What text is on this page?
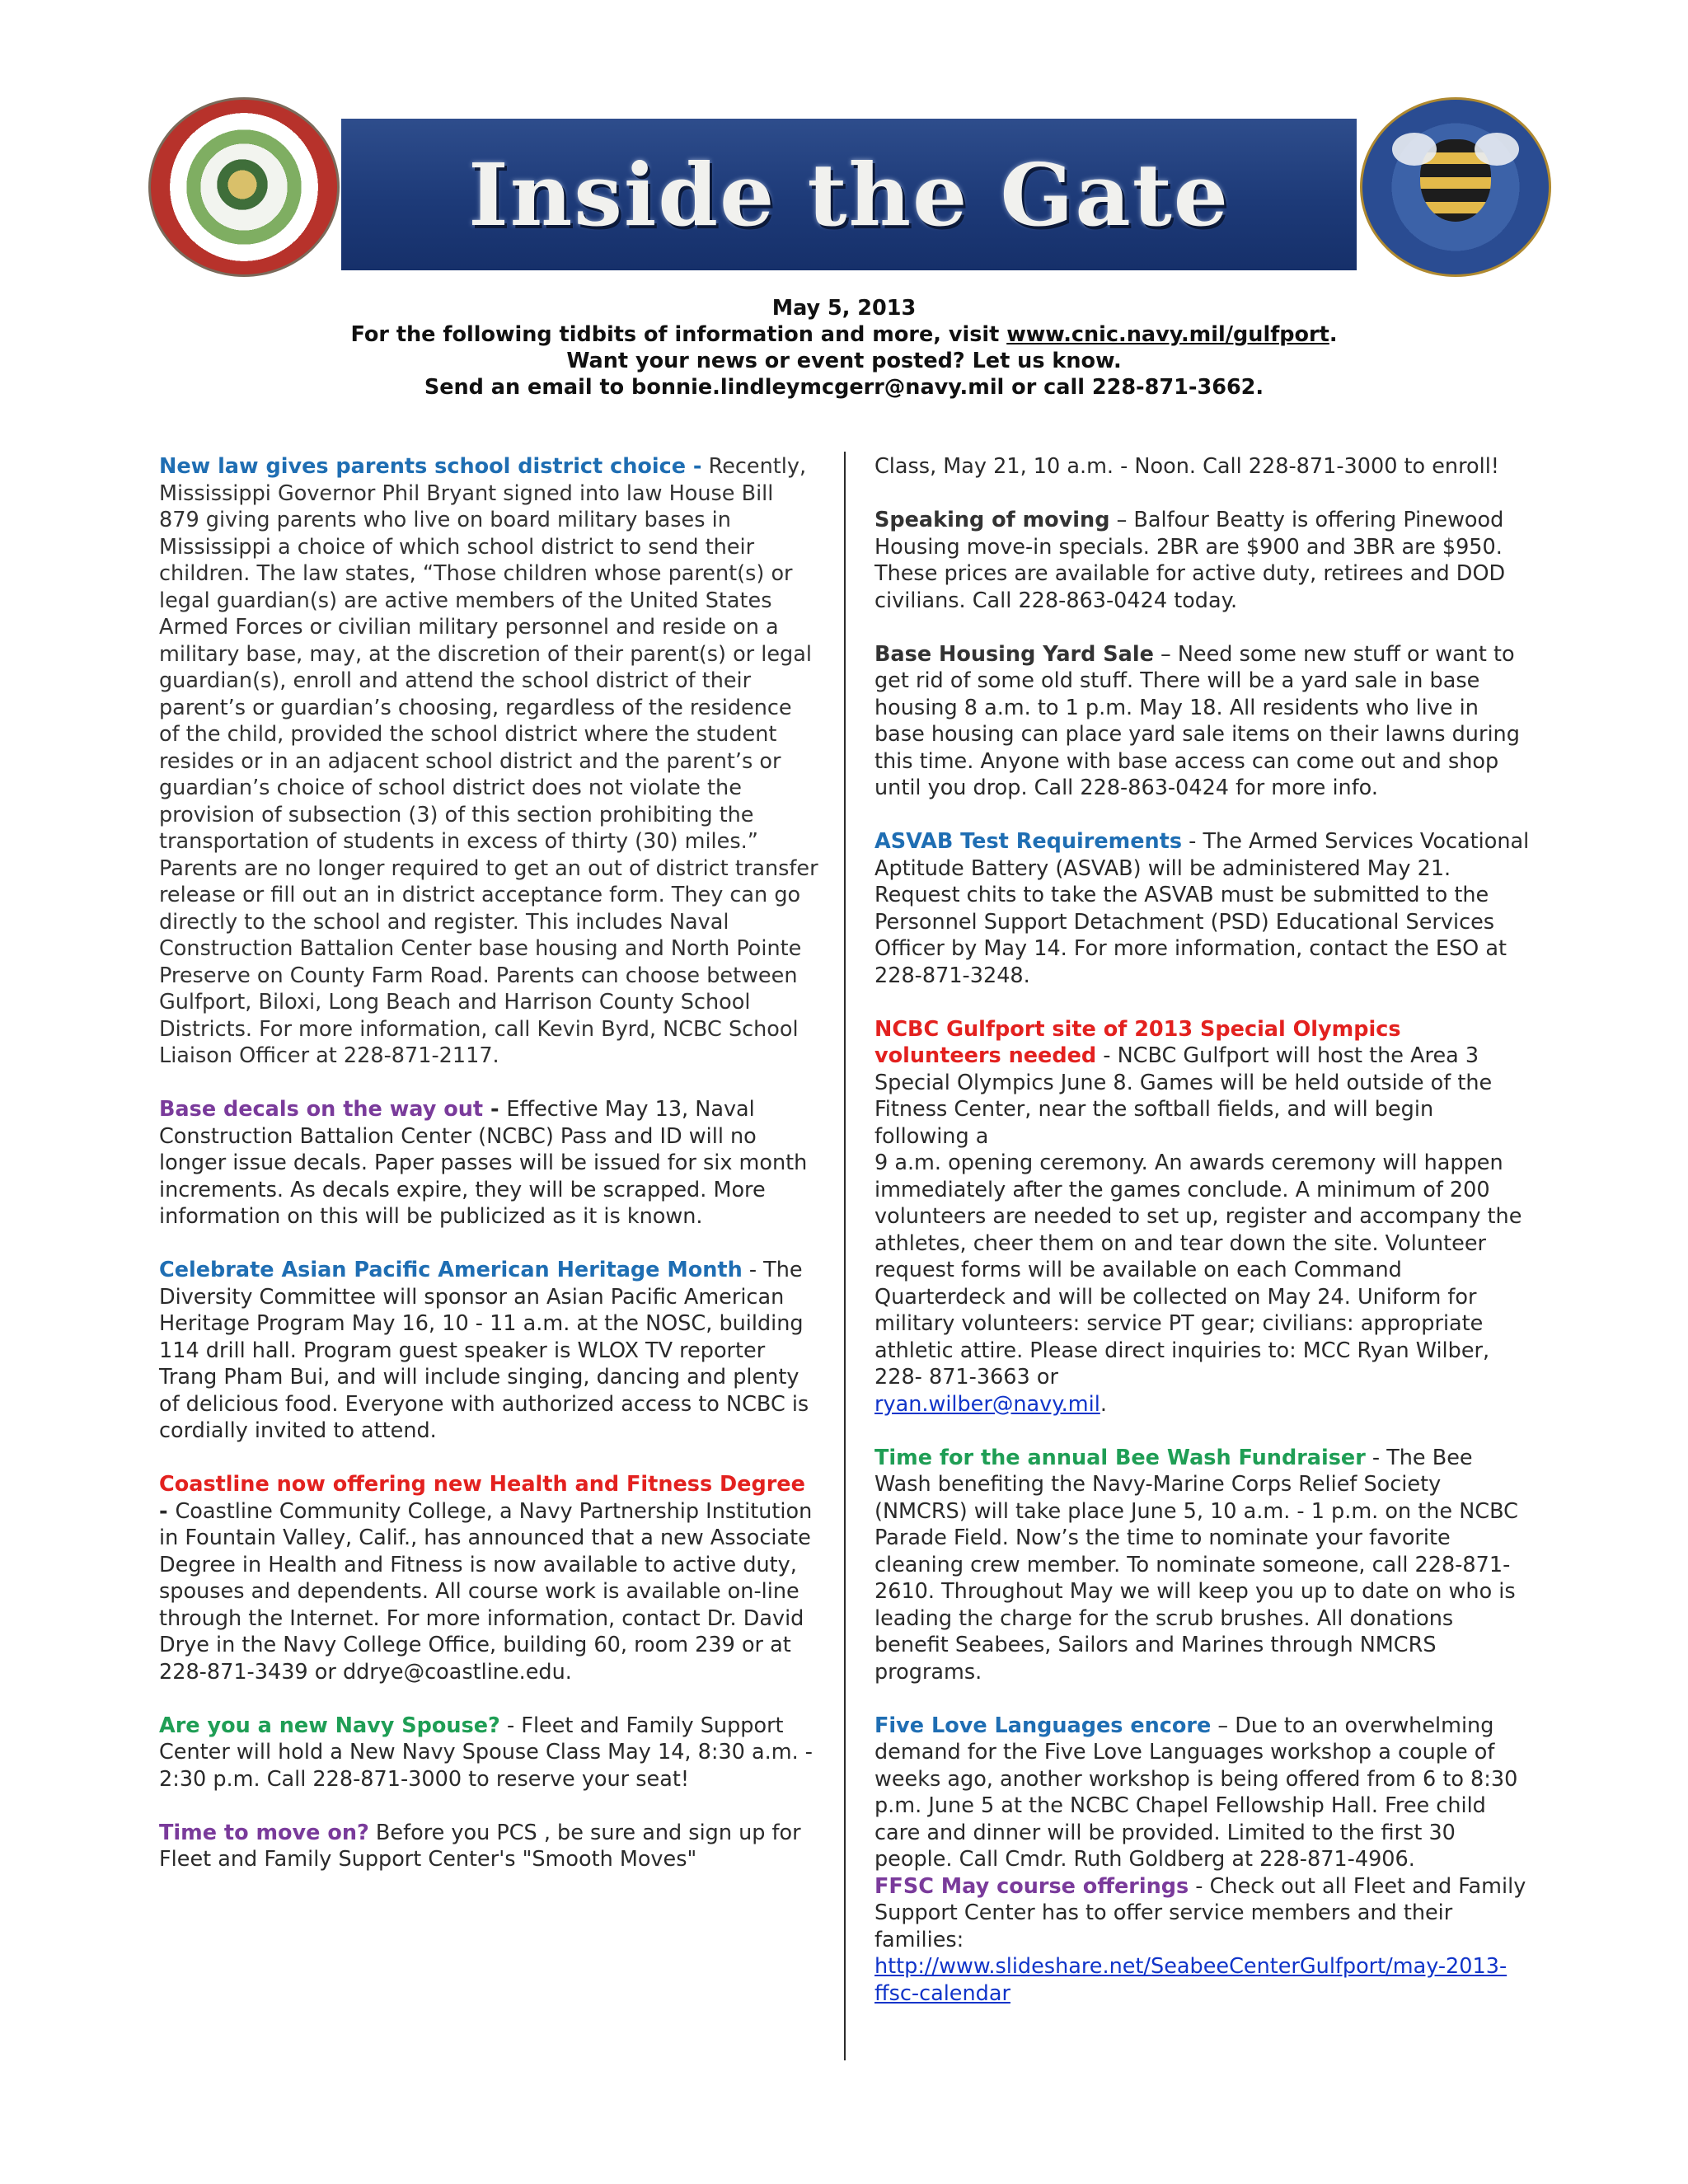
Inside the Gate

May 5, 2013

For the following tidbits of information and more, visit www.cnic.navy.mil/gulfport.

Want your news or event posted? Let us know.

Send an email to bonnie.lindleymcgerr@navy.mil or call 228-871-3662.

New law gives parents school district choice - Recently, Mississippi Governor Phil Bryant signed into law House Bill 879 giving parents who live on board military bases in Mississippi a choice of which school district to send their children. The law states, “Those children whose parent(s) or legal guardian(s) are active members of the United States Armed Forces or civilian military personnel and reside on a military base, may, at the discretion of their parent(s) or legal guardian(s), enroll and attend the school district of their parent’s or guardian’s choosing, regardless of the residence of the child, provided the school district where the student resides or in an adjacent school district and the parent’s or guardian’s choice of school district does not violate the provision of subsection (3) of this section prohibiting the transportation of students in excess of thirty (30) miles.” Parents are no longer required to get an out of district transfer release or fill out an in district acceptance form. They can go directly to the school and register. This includes Naval Construction Battalion Center base housing and North Pointe Preserve on County Farm Road. Parents can choose between Gulfport, Biloxi, Long Beach and Harrison County School Districts. For more information, call Kevin Byrd, NCBC School Liaison Officer at 228-871-2117.

Base decals on the way out - Effective May 13, Naval Construction Battalion Center (NCBC) Pass and ID will no longer issue decals. Paper passes will be issued for six month increments. As decals expire, they will be scrapped. More information on this will be publicized as it is known.

Celebrate Asian Pacific American Heritage Month - The Diversity Committee will sponsor an Asian Pacific American Heritage Program May 16, 10 - 11 a.m. at the NOSC, building 114 drill hall. Program guest speaker is WLOX TV reporter Trang Pham Bui, and will include singing, dancing and plenty of delicious food. Everyone with authorized access to NCBC is cordially invited to attend.

Coastline now offering new Health and Fitness Degree - Coastline Community College, a Navy Partnership Institution in Fountain Valley, Calif., has announced that a new Associate Degree in Health and Fitness is now available to active duty, spouses and dependents. All course work is available on-line through the Internet. For more information, contact Dr. David Drye in the Navy College Office, building 60, room 239 or at 228-871-3439 or ddrye@coastline.edu.

Are you a new Navy Spouse? - Fleet and Family Support Center will hold a New Navy Spouse Class May 14, 8:30 a.m. - 2:30 p.m. Call 228-871-3000 to reserve your seat!

Time to move on? Before you PCS , be sure and sign up for Fleet and Family Support Center's "Smooth Moves"

Class, May 21, 10 a.m. - Noon. Call 228-871-3000 to enroll!

Speaking of moving – Balfour Beatty is offering Pinewood Housing move-in specials. 2BR are $900 and 3BR are $950. These prices are available for active duty, retirees and DOD civilians. Call 228-863-0424 today.

Base Housing Yard Sale – Need some new stuff or want to get rid of some old stuff. There will be a yard sale in base housing 8 a.m. to 1 p.m. May 18. All residents who live in base housing can place yard sale items on their lawns during this time. Anyone with base access can come out and shop until you drop. Call 228-863-0424 for more info.

ASVAB Test Requirements - The Armed Services Vocational Aptitude Battery (ASVAB) will be administered May 21. Request chits to take the ASVAB must be submitted to the Personnel Support Detachment (PSD) Educational Services Officer by May 14. For more information, contact the ESO at 228-871-3248.

NCBC Gulfport site of 2013 Special Olympics volunteers needed - NCBC Gulfport will host the Area 3 Special Olympics June 8. Games will be held outside of the Fitness Center, near the softball fields, and will begin following a
9 a.m. opening ceremony. An awards ceremony will happen immediately after the games conclude. A minimum of 200 volunteers are needed to set up, register and accompany the athletes, cheer them on and tear down the site. Volunteer request forms will be available on each Command Quarterdeck and will be collected on May 24. Uniform for military volunteers: service PT gear; civilians: appropriate athletic attire. Please direct inquiries to: MCC Ryan Wilber, 228- 871-3663 or
ryan.wilber@navy.mil.

Time for the annual Bee Wash Fundraiser - The Bee Wash benefiting the Navy-Marine Corps Relief Society (NMCRS) will take place June 5, 10 a.m. - 1 p.m. on the NCBC Parade Field. Now’s the time to nominate your favorite cleaning crew member. To nominate someone, call 228-871-2610. Throughout May we will keep you up to date on who is leading the charge for the scrub brushes. All donations benefit Seabees, Sailors and Marines through NMCRS programs.

Five Love Languages encore – Due to an overwhelming demand for the Five Love Languages workshop a couple of weeks ago, another workshop is being offered from 6 to 8:30 p.m. June 5 at the NCBC Chapel Fellowship Hall. Free child care and dinner will be provided. Limited to the first 30 people. Call Cmdr. Ruth Goldberg at 228-871-4906.

FFSC May course offerings - Check out all Fleet and Family Support Center has to offer service members and their families:
http://www.slideshare.net/SeabeeCenterGulfport/may-2013-ffsc-calendar
